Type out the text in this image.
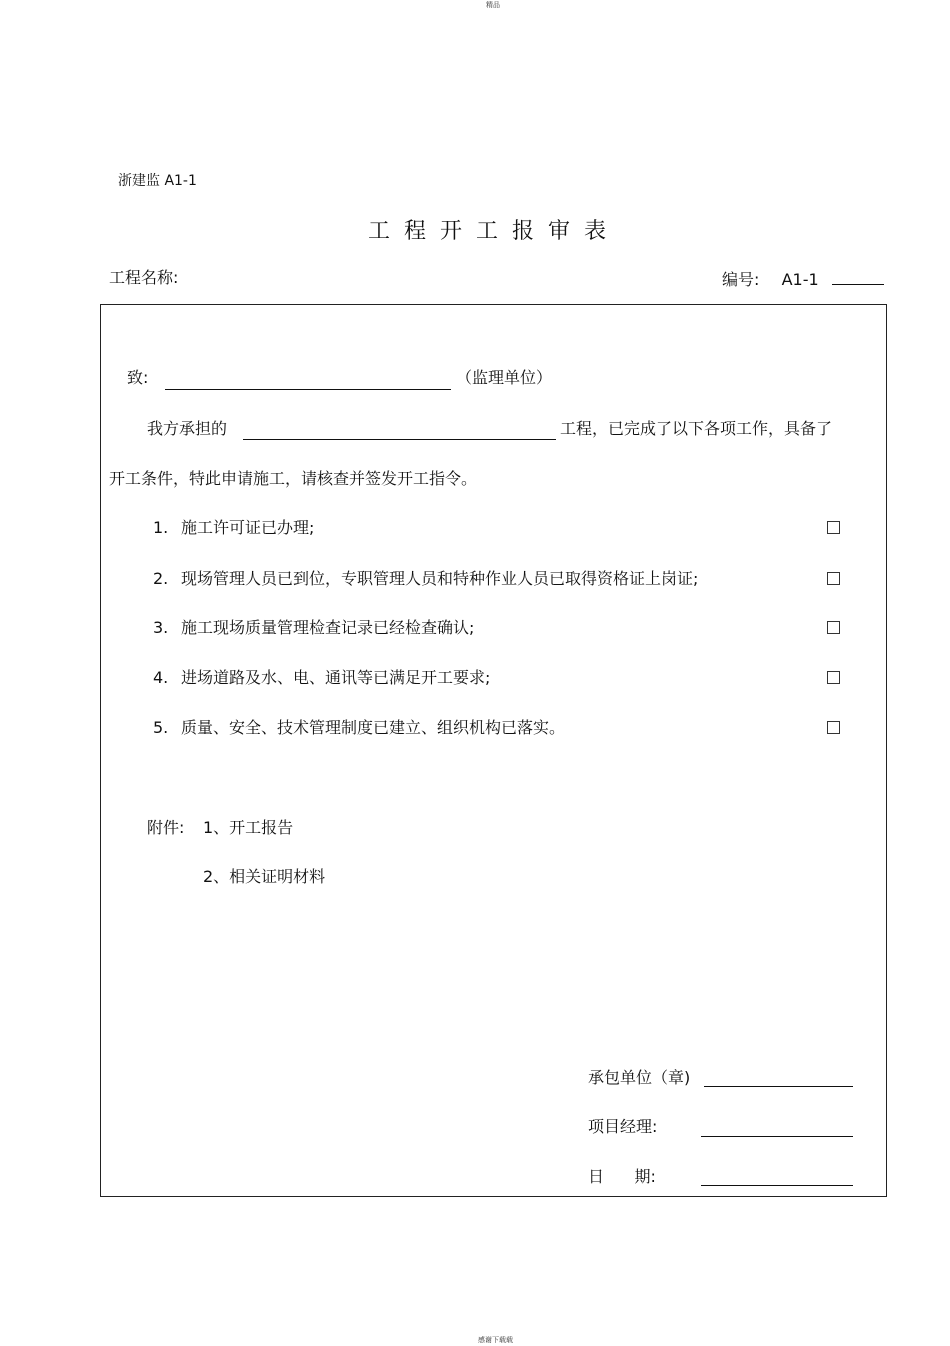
精品
浙建监 A1-1
工程开工报审表
工程名称:	编号: A1-1
致:	（监理单位）
我方承担的	工程，已完成了以下各项工作，具备了
开工条件，特此申请施工，请核查并签发开工指令。
1. 施工许可证已办理;
2. 现场管理人员已到位，专职管理人员和特种作业人员已取得资格证上岗证;
3. 施工现场质量管理检查记录已经检查确认;
4. 进场道路及水、电、通讯等已满足开工要求;
5. 质量、安全、技术管理制度已建立、组织机构已落实。
附件: 1、开工报告
2、相关证明材料
承包单位（章)
项目经理:
日      期:
感谢下载载
